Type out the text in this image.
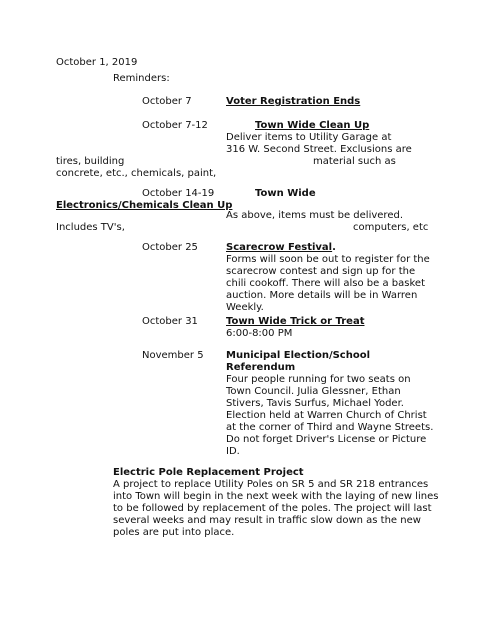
October 1, 2019
Reminders:
October 7	Voter Registration Ends
October 7-12	Town Wide Clean Up
Deliver items to Utility Garage at
316 W. Second Street. Exclusions are
tires, building	material such as
concrete, etc., chemicals, paint,
October 14-19	Town Wide
Electronics/Chemicals Clean Up
As above, items must be delivered.
Includes TV's,	computers, etc
October 25	Scarecrow Festival.
Forms will soon be out to register for the
scarecrow contest and sign up for the
chili cookoff. There will also be a basket
auction. More details will be in Warren
Weekly.
October 31	Town Wide Trick or Treat
6:00-8:00 PM
November 5 Municipal Election/School
Referendum
Four people running for two seats on
Town Council. Julia Glessner, Ethan
Stivers, Tavis Surfus, Michael Yoder.
Election held at Warren Church of Christ
at the corner of Third and Wayne Streets.
Do not forget Driver's License or Picture
ID.
Electric Pole Replacement Project
A project to replace Utility Poles on SR 5 and SR 218 entrances
into Town will begin in the next week with the laying of new lines
to be followed by replacement of the poles. The project will last
several weeks and may result in traffic slow down as the new
poles are put into place.
